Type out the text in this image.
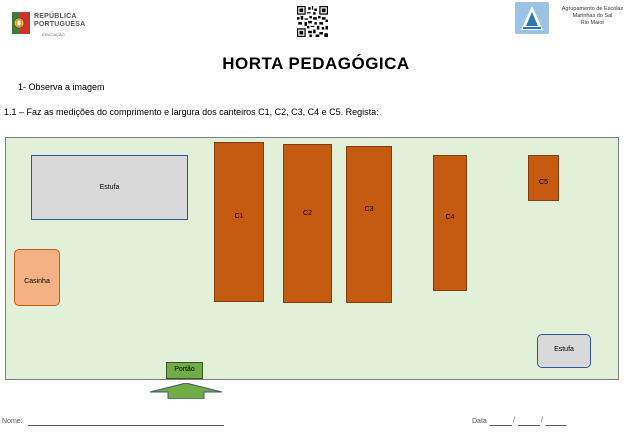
REPÚBLICA
PORTUGUESA
EDUCAÇÃO
Agrupamento de Escolas
Marinhas do Sal
Rio Maior
HORTA PEDAGÓGICA
1- Observa a imagem
1.1 – Faz as medições do comprimento e largura dos canteiros C1, C2, C3, C4 e C5. Regista:
Estufa
C1	C2
C3
C4
C5
Casinha
Estufa
Portão
Nome:	Data	/	/
